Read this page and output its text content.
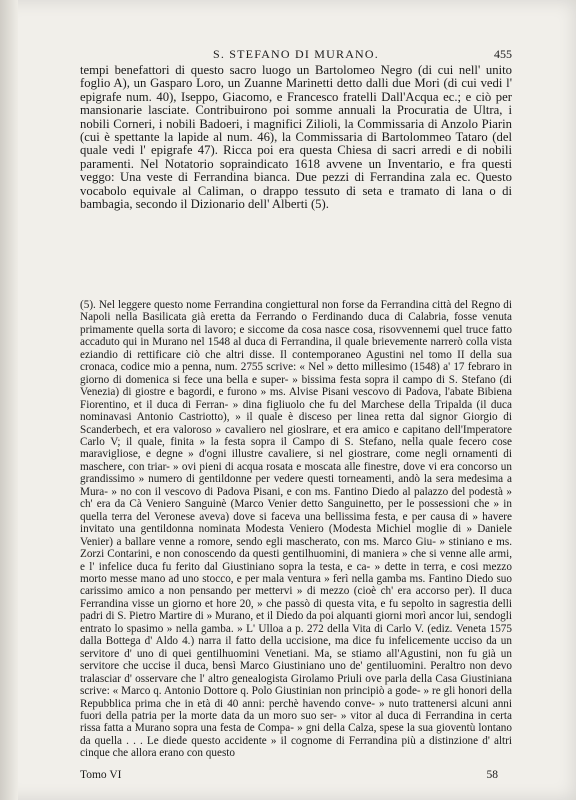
S. STEFANO DI MURANO.	455

tempi benefattori di questo sacro luogo un Bartolomeo Negro (di cui nell' unito foglio A), un Gasparo Loro, un Zuanne Marinetti detto dalli due Mori (di cui vedi l' epigrafe num. 40), Iseppo, Giacomo, e Francesco fratelli Dall'Acqua ec.; e ciò per mansionarie lasciate. Contribuirono poi somme annuali la Procuratia de Ultra, i nobili Corneri, i nobili Badoeri, i magnifici Zilioli, la Commissaria di Anzolo Piarin (cui è spettante la lapide al num. 46), la Commissaria di Bartolommeo Tataro (del quale vedi l' epigrafe 47). Ricca poi era questa Chiesa di sacri arredi e di nobili paramenti. Nel Notatorio sopraindicato 1618 avvene un Inventario, e fra questi veggo: Una veste di Ferrandina bianca. Due pezzi di Ferrandina zala ec. Questo vocabolo equivale al Caliman, o drappo tessuto di seta e tramato di lana o di bambagia, secondo il Dizionario dell' Alberti (5).

(5). Nel leggere questo nome Ferrandina congiettural non forse da Ferrandina città del Regno di Napoli nella Basilicata già eretta da Ferrando o Ferdinando duca di Calabria, fosse venuta primamente quella sorta di lavoro; e siccome da cosa nasce cosa, risovvennemi quel truce fatto accaduto qui in Murano nel 1548 al duca di Ferrandina, il quale brievemente narrerò colla vista eziandio di rettificare ciò che altri disse. Il contemporaneo Agustini nel tomo II della sua cronaca, codice mio a penna, num. 2755 scrive: « Nel » detto millesimo (1548) a' 17 febraro in giorno di domenica si fece una bella e super- » bissima festa sopra il campo di S. Stefano (di Venezia) di giostre e bagordi, e furono » ms. Alvise Pisani vescovo di Padova, l'abate Bibiena Fiorentino, et il duca di Ferran- » dina figliuolo che fu del Marchese della Tripalda (il duca nominavasi Antonio Castriotto), » il quale è disceso per linea retta dal signor Giorgio di Scanderbech, et era valoroso » cavaliero nel gioslrare, et era amico e capitano dell'Imperatore Carlo V; il quale, finita » la festa sopra il Campo di S. Stefano, nella quale fecero cose maravigliose, e degne » d'ogni illustre cavaliere, si nel giostrare, come negli ornamenti di maschere, con triar- » ovi pieni di acqua rosata e moscata alle finestre, dove vi era concorso un grandissimo » numero di gentildonne per vedere questi torneamenti, andò la sera medesima a Mura- » no con il vescovo di Padova Pisani, e con ms. Fantino Diedo al palazzo del podestà » ch' era da Cà Veniero Sanguinè (Marco Venier detto Sanguinetto, per le possessioni che » in quella terra del Veronese aveva) dove si faceva una bellissima festa, e per causa di » havere invitato una gentildonna nominata Modesta Veniero (Modesta Michiel moglie di » Daniele Venier) a ballare venne a romore, sendo egli mascherato, con ms. Marco Giu- » stiniano e ms. Zorzi Contarini, e non conoscendo da questi gentilhuomini, di maniera » che si venne alle armi, e l' infelice duca fu ferito dal Giustiniano sopra la testa, e ca- » dette in terra, e cosi mezzo morto messe mano ad uno stocco, e per mala ventura » ferì nella gamba ms. Fantino Diedo suo carissimo amico a non pensando per mettervi » di mezzo (cioè ch' era accorso per). Il duca Ferrandina visse un giorno et hore 20, » che passò di questa vita, e fu sepolto in sagrestia delli padri di S. Pietro Martire di » Murano, et il Diedo da poi alquanti giorni morì ancor lui, sendogli entrato lo spasimo » nella gamba. » L' Ulloa a p. 272 della Vita di Carlo V. (ediz. Veneta 1575 dalla Bottega d' Aldo 4.) narra il fatto della uccisione, ma dice fu infelicemente ucciso da un servitore d' uno di quei gentilhuomini Venetiani. Ma, se stiamo all'Agustini, non fu già un servitore che uccise il duca, bensì Marco Giustiniano uno de' gentiluomini. Peraltro non devo tralasciar d' osservare che l' altro genealogista Girolamo Priuli ove parla della Casa Giustiniana scrive: « Marco q. Antonio Dottore q. Polo Giustinian non principiò a gode- » re gli honori della Repubblica prima che in età di 40 anni: perchè havendo conve- » nuto trattenersi alcuni anni fuori della patria per la morte data da un moro suo ser- » vitor al duca di Ferrandina in certa rissa fatta a Murano sopra una festa de Compa- » gni della Calza, spese la sua gioventù lontano da quella . . . Le diede questo accidente » il cognome di Ferrandina più a distinzione d' altri cinque che allora erano con questo

Tomo VI	58
